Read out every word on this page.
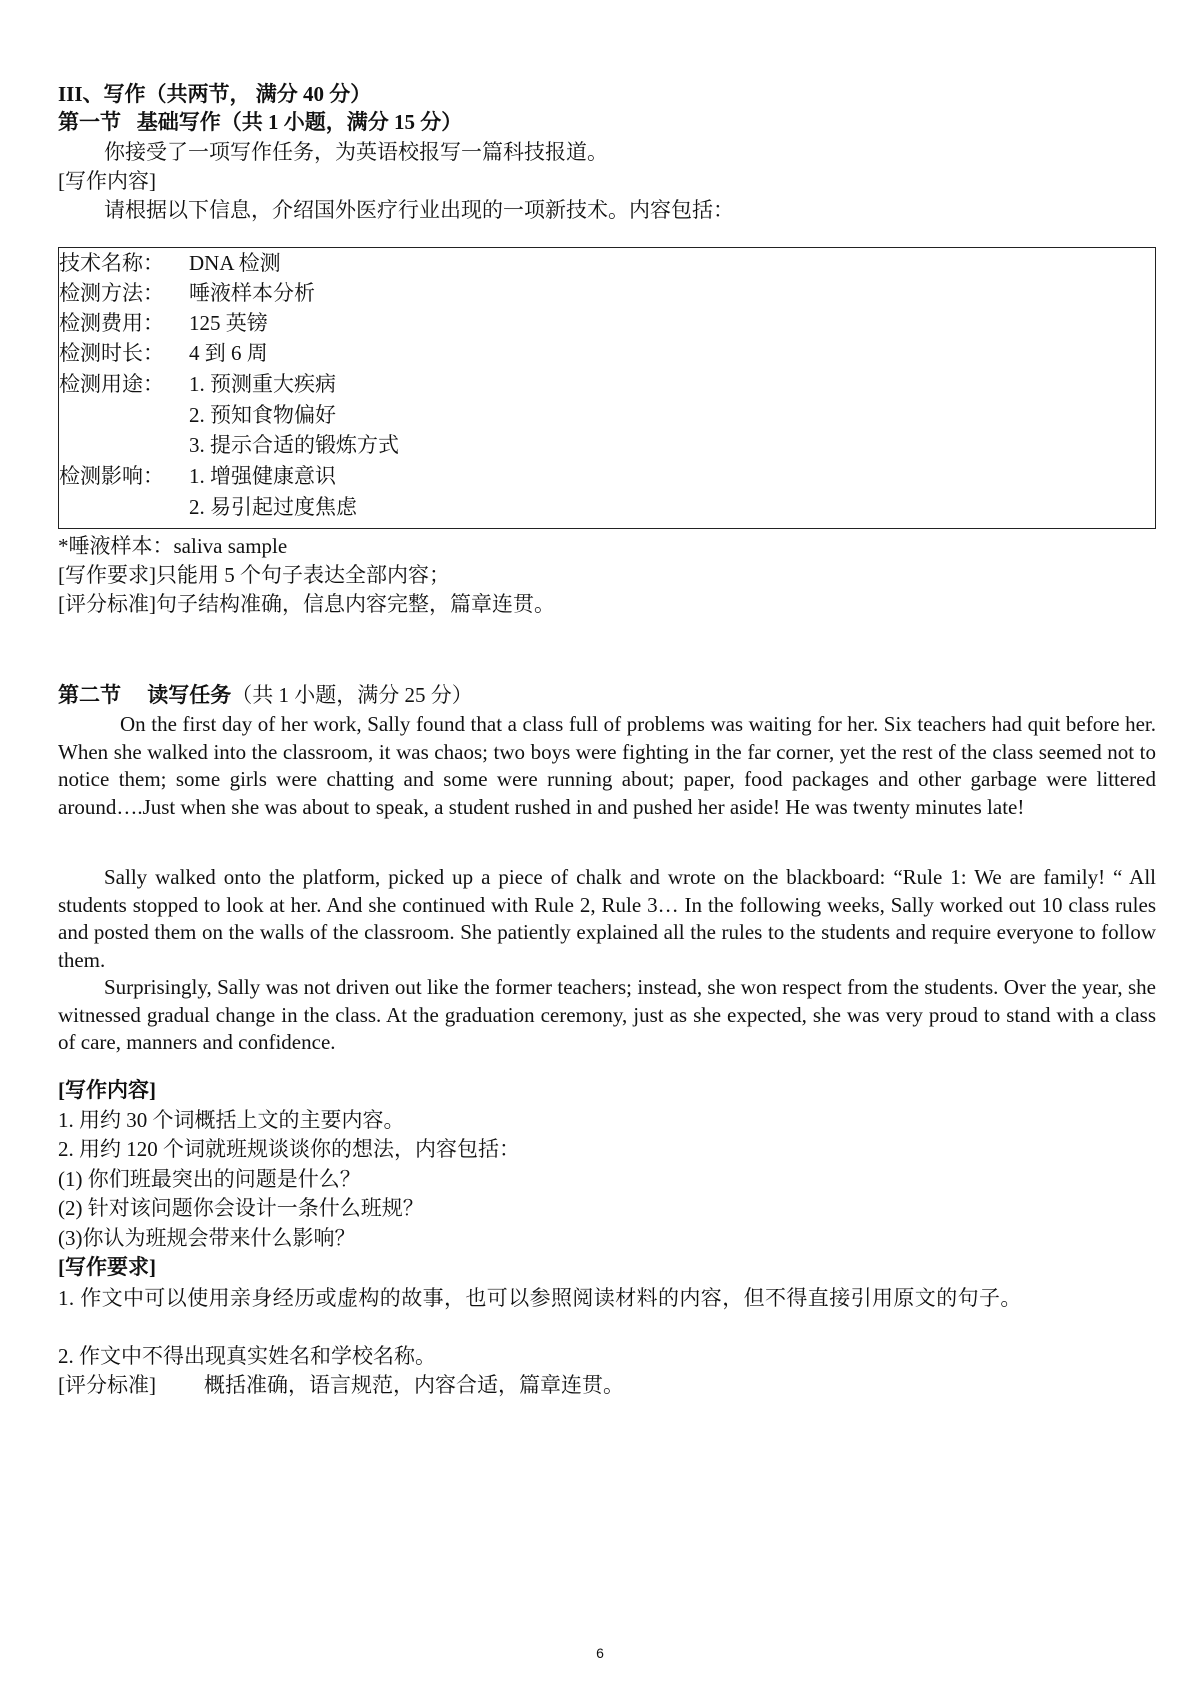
III、写作（共两节， 满分 40 分）
第一节 基础写作（共 1 小题，满分 15 分）
你接受了一项写作任务，为英语校报写一篇科技报道。
[写作内容]
请根据以下信息，介绍国外医疗行业出现的一项新技术。内容包括：
技术名称： DNA 检测
检测方法： 唾液样本分析
检测费用： 125 英镑
检测时长： 4 到 6 周
检测用途： 1. 预测重大疾病
2. 预知食物偏好
3. 提示合适的锻炼方式
检测影响： 1. 增强健康意识
2. 易引起过度焦虑
*唾液样本：saliva sample
[写作要求]只能用 5 个句子表达全部内容；
[评分标准]句子结构准确，信息内容完整，篇章连贯。
第二节 读写任务（共 1 小题，满分 25 分）
On the first day of her work, Sally found that a class full of problems was waiting for her. Six teachers had quit before her. When she walked into the classroom, it was chaos; two boys were fighting in the far corner, yet the rest of the class seemed not to notice them; some girls were chatting and some were running about; paper, food packages and other garbage were littered around….Just when she was about to speak, a student rushed in and pushed her aside! He was twenty minutes late!
Sally walked onto the platform, picked up a piece of chalk and wrote on the blackboard: “Rule 1: We are family! “ All students stopped to look at her. And she continued with Rule 2, Rule 3… In the following weeks, Sally worked out 10 class rules and posted them on the walls of the classroom. She patiently explained all the rules to the students and require everyone to follow them.
Surprisingly, Sally was not driven out like the former teachers; instead, she won respect from the students. Over the year, she witnessed gradual change in the class. At the graduation ceremony, just as she expected, she was very proud to stand with a class of care, manners and confidence.
[写作内容]
1. 用约 30 个词概括上文的主要内容。
2. 用约 120 个词就班规谈谈你的想法，内容包括：
(1) 你们班最突出的问题是什么？
(2) 针对该问题你会设计一条什么班规？
(3)你认为班规会带来什么影响？
[写作要求]
1. 作文中可以使用亲身经历或虚构的故事，也可以参照阅读材料的内容，但不得直接引用原文的句子。
2. 作文中不得出现真实姓名和学校名称。
[评分标准] 概括准确，语言规范，内容合适，篇章连贯。
6
